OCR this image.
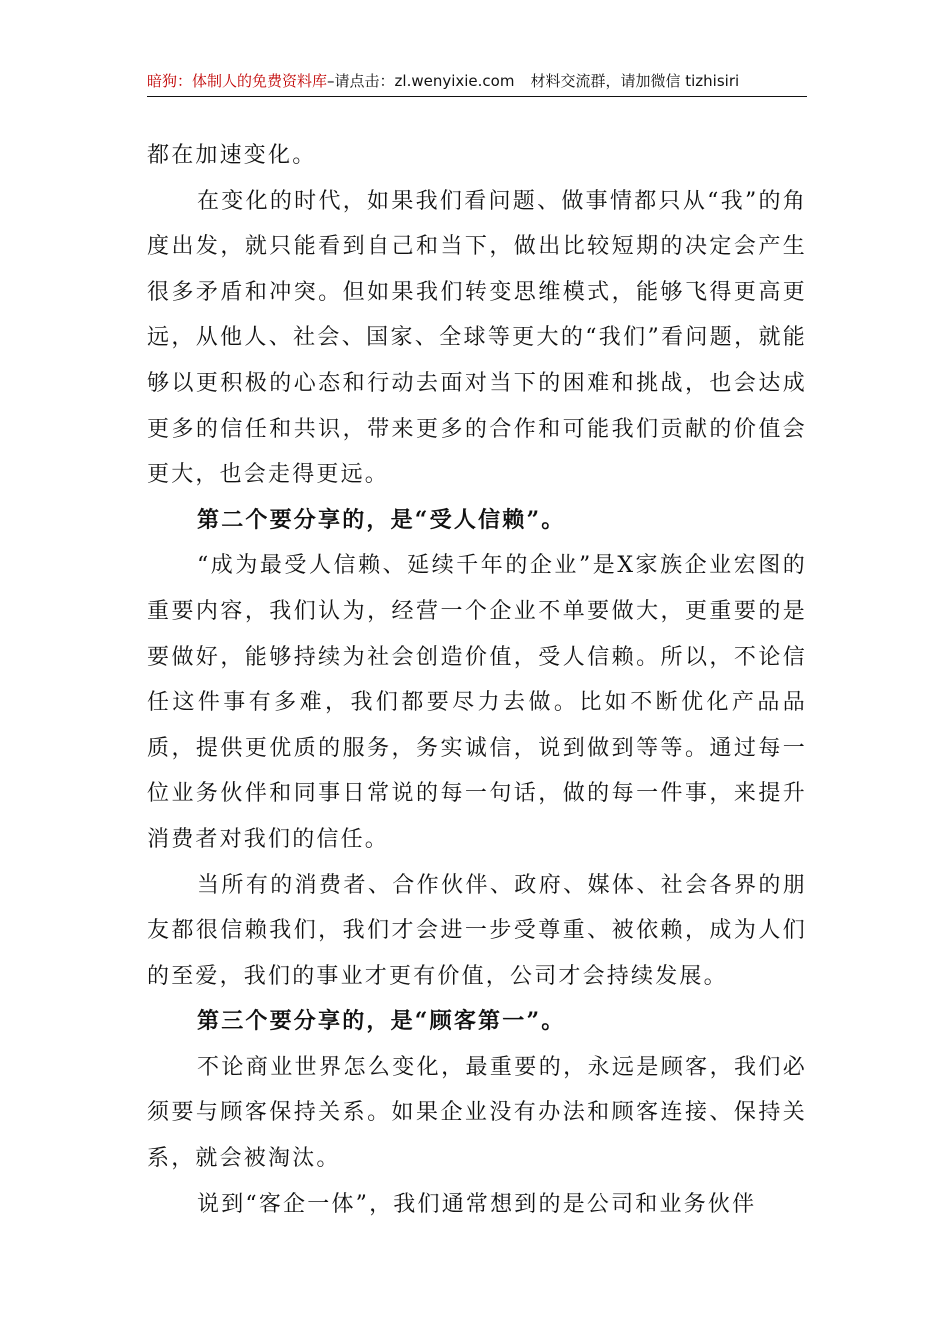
暗狗：体制人的免费资料库–请点击：zl.wenyixie.com 材料交流群，请加微信 tizhisiri

都在加速变化。

在变化的时代，如果我们看问题、做事情都只从“我”的角度出发，就只能看到自己和当下，做出比较短期的决定会产生很多矛盾和冲突。但如果我们转变思维模式，能够飞得更高更远，从他人、社会、国家、全球等更大的“我们”看问题，就能够以更积极的心态和行动去面对当下的困难和挑战，也会达成更多的信任和共识，带来更多的合作和可能我们贡献的价值会更大，也会走得更远。

第二个要分享的，是“受人信赖”。

“成为最受人信赖、延续千年的企业”是X家族企业宏图的重要内容，我们认为，经营一个企业不单要做大，更重要的是要做好，能够持续为社会创造价值，受人信赖。所以，不论信任这件事有多难，我们都要尽力去做。比如不断优化产品品质，提供更优质的服务，务实诚信，说到做到等等。通过每一位业务伙伴和同事日常说的每一句话，做的每一件事，来提升消费者对我们的信任。

当所有的消费者、合作伙伴、政府、媒体、社会各界的朋友都很信赖我们，我们才会进一步受尊重、被依赖，成为人们的至爱，我们的事业才更有价值，公司才会持续发展。

第三个要分享的，是“顾客第一”。

不论商业世界怎么变化，最重要的，永远是顾客，我们必须要与顾客保持关系。如果企业没有办法和顾客连接、保持关系，就会被淘汰。

说到“客企一体”，我们通常想到的是公司和业务伙伴
